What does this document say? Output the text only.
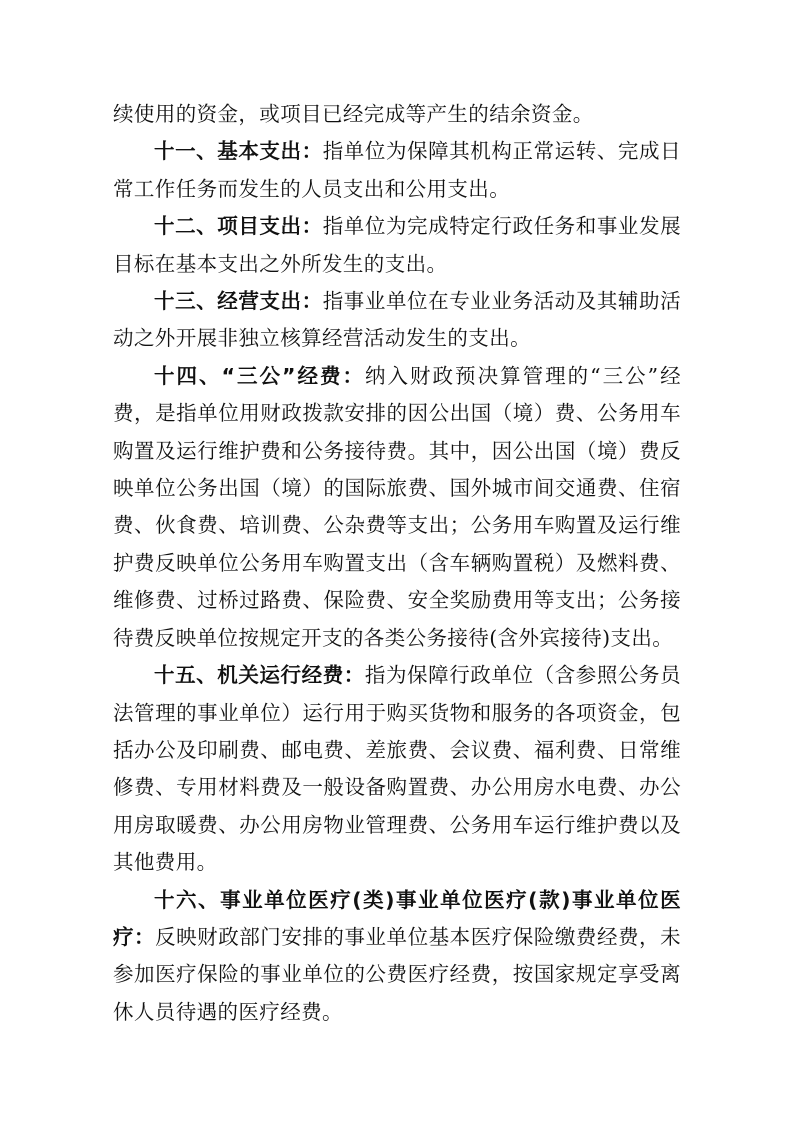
续使用的资金，或项目已经完成等产生的结余资金。

十一、基本支出：指单位为保障其机构正常运转、完成日常工作任务而发生的人员支出和公用支出。

十二、项目支出：指单位为完成特定行政任务和事业发展目标在基本支出之外所发生的支出。

十三、经营支出：指事业单位在专业业务活动及其辅助活动之外开展非独立核算经营活动发生的支出。

十四、“三公”经费：纳入财政预决算管理的“三公”经费，是指单位用财政拨款安排的因公出国（境）费、公务用车购置及运行维护费和公务接待费。其中，因公出国（境）费反映单位公务出国（境）的国际旅费、国外城市间交通费、住宿费、伙食费、培训费、公杂费等支出；公务用车购置及运行维护费反映单位公务用车购置支出（含车辆购置税）及燃料费、维修费、过桥过路费、保险费、安全奖励费用等支出；公务接待费反映单位按规定开支的各类公务接待(含外宾接待)支出。

十五、机关运行经费：指为保障行政单位（含参照公务员法管理的事业单位）运行用于购买货物和服务的各项资金，包括办公及印刷费、邮电费、差旅费、会议费、福利费、日常维修费、专用材料费及一般设备购置费、办公用房水电费、办公用房取暖费、办公用房物业管理费、公务用车运行维护费以及其他费用。

十六、事业单位医疗(类)事业单位医疗(款)事业单位医疗：反映财政部门安排的事业单位基本医疗保险缴费经费，未参加医疗保险的事业单位的公费医疗经费，按国家规定享受离休人员待遇的医疗经费。
